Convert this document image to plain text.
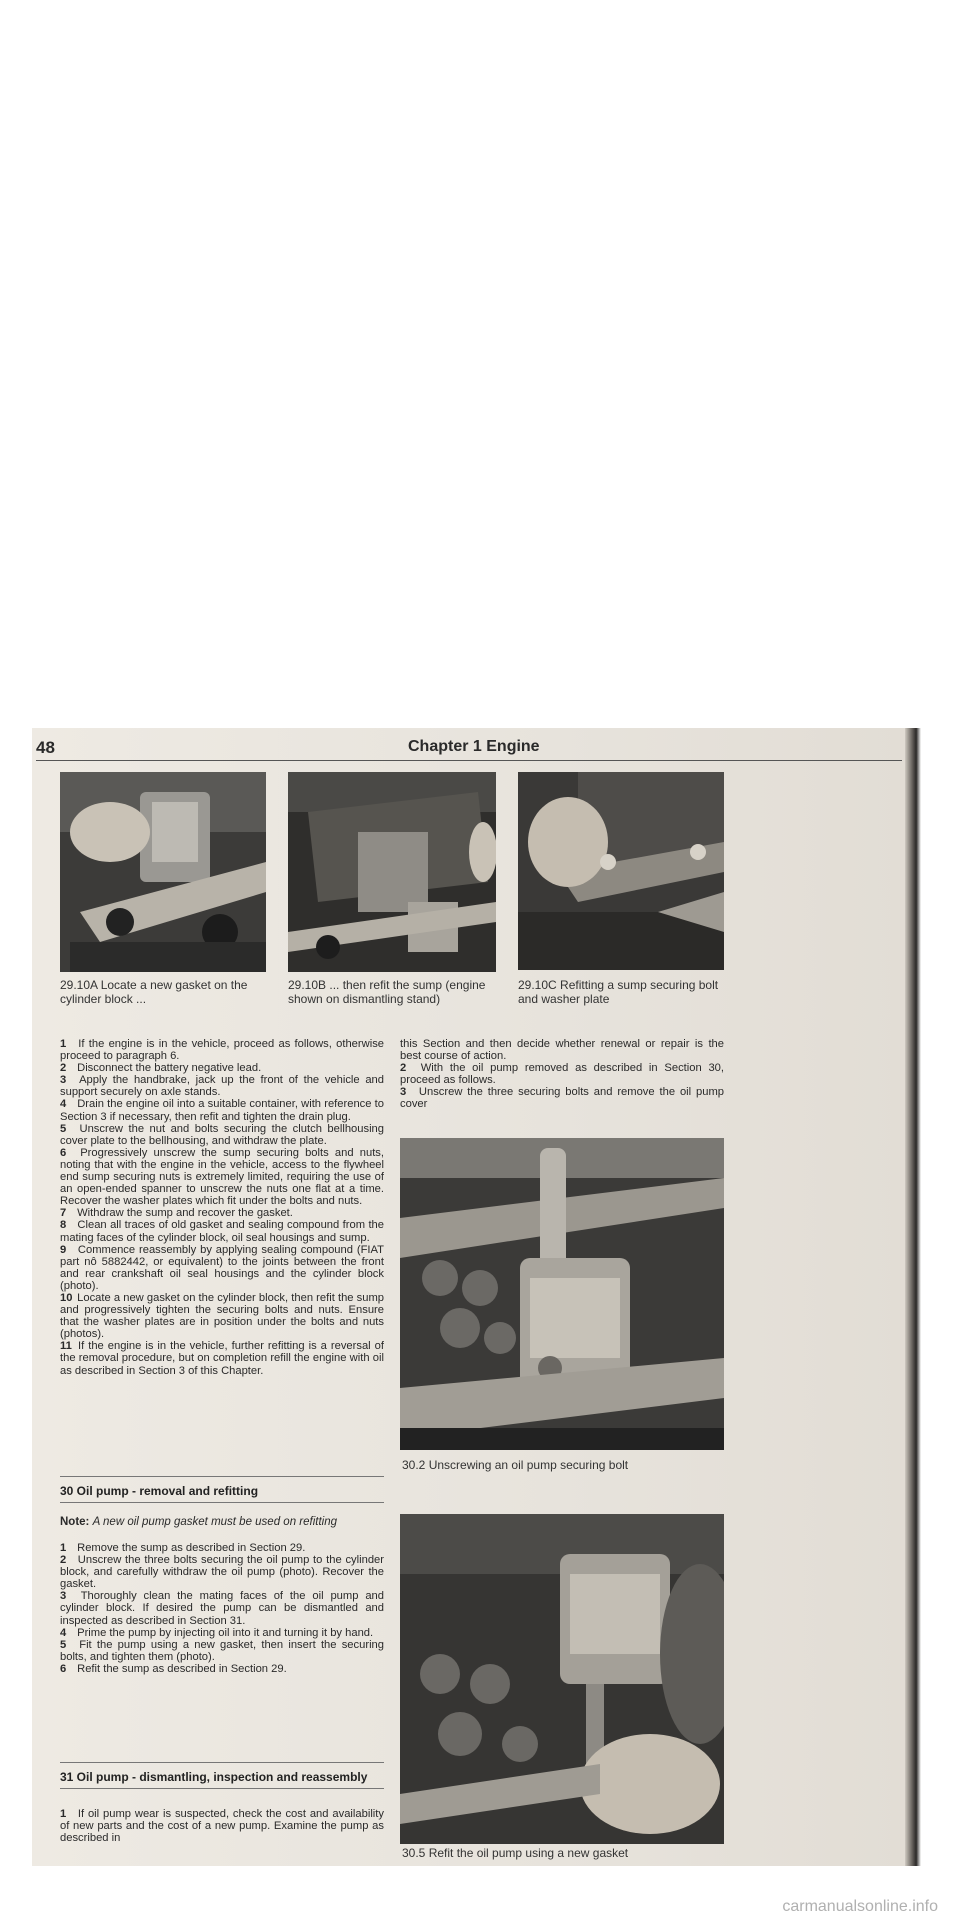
48	Chapter 1 Engine
29.10A Locate a new gasket on the cylinder block ...
29.10B ... then refit the sump (engine shown on dismantling stand)
29.10C Refitting a sump securing bolt and washer plate

1 If the engine is in the vehicle, proceed as follows, otherwise proceed to paragraph 6.

2 Disconnect the battery negative lead.

3 Apply the handbrake, jack up the front of the vehicle and support securely on axle stands.

4 Drain the engine oil into a suitable container, with reference to Section 3 if necessary, then refit and tighten the drain plug.

5 Unscrew the nut and bolts securing the clutch bellhousing cover plate to the bellhousing, and withdraw the plate.

6 Progressively unscrew the sump securing bolts and nuts, noting that with the engine in the vehicle, access to the flywheel end sump securing nuts is extremely limited, requiring the use of an open-ended spanner to unscrew the nuts one flat at a time. Recover the washer plates which fit under the bolts and nuts.

7 Withdraw the sump and recover the gasket.

8 Clean all traces of old gasket and sealing compound from the mating faces of the cylinder block, oil seal housings and sump.

9 Commence reassembly by applying sealing compound (FIAT part nô 5882442, or equivalent) to the joints between the front and rear crankshaft oil seal housings and the cylinder block (photo).

10 Locate a new gasket on the cylinder block, then refit the sump and progressively tighten the securing bolts and nuts. Ensure that the washer plates are in position under the bolts and nuts (photos).

11 If the engine is in the vehicle, further refitting is a reversal of the removal procedure, but on completion refill the engine with oil as described in Section 3 of this Chapter.

30 Oil pump - removal and refitting
Note: A new oil pump gasket must be used on refitting

1 Remove the sump as described in Section 29.

2 Unscrew the three bolts securing the oil pump to the cylinder block, and carefully withdraw the oil pump (photo). Recover the gasket.

3 Thoroughly clean the mating faces of the oil pump and cylinder block. If desired the pump can be dismantled and inspected as described in Section 31.

4 Prime the pump by injecting oil into it and turning it by hand.

5 Fit the pump using a new gasket, then insert the securing bolts, and tighten them (photo).

6 Refit the sump as described in Section 29.

31 Oil pump - dismantling, inspection and reassembly

1 If oil pump wear is suspected, check the cost and availability of new parts and the cost of a new pump. Examine the pump as described in

this Section and then decide whether renewal or repair is the best course of action.

2 With the oil pump removed as described in Section 30, proceed as follows.

3 Unscrew the three securing bolts and remove the oil pump cover

30.2 Unscrewing an oil pump securing bolt
30.5 Refit the oil pump using a new gasket
carmanualsonline.info
